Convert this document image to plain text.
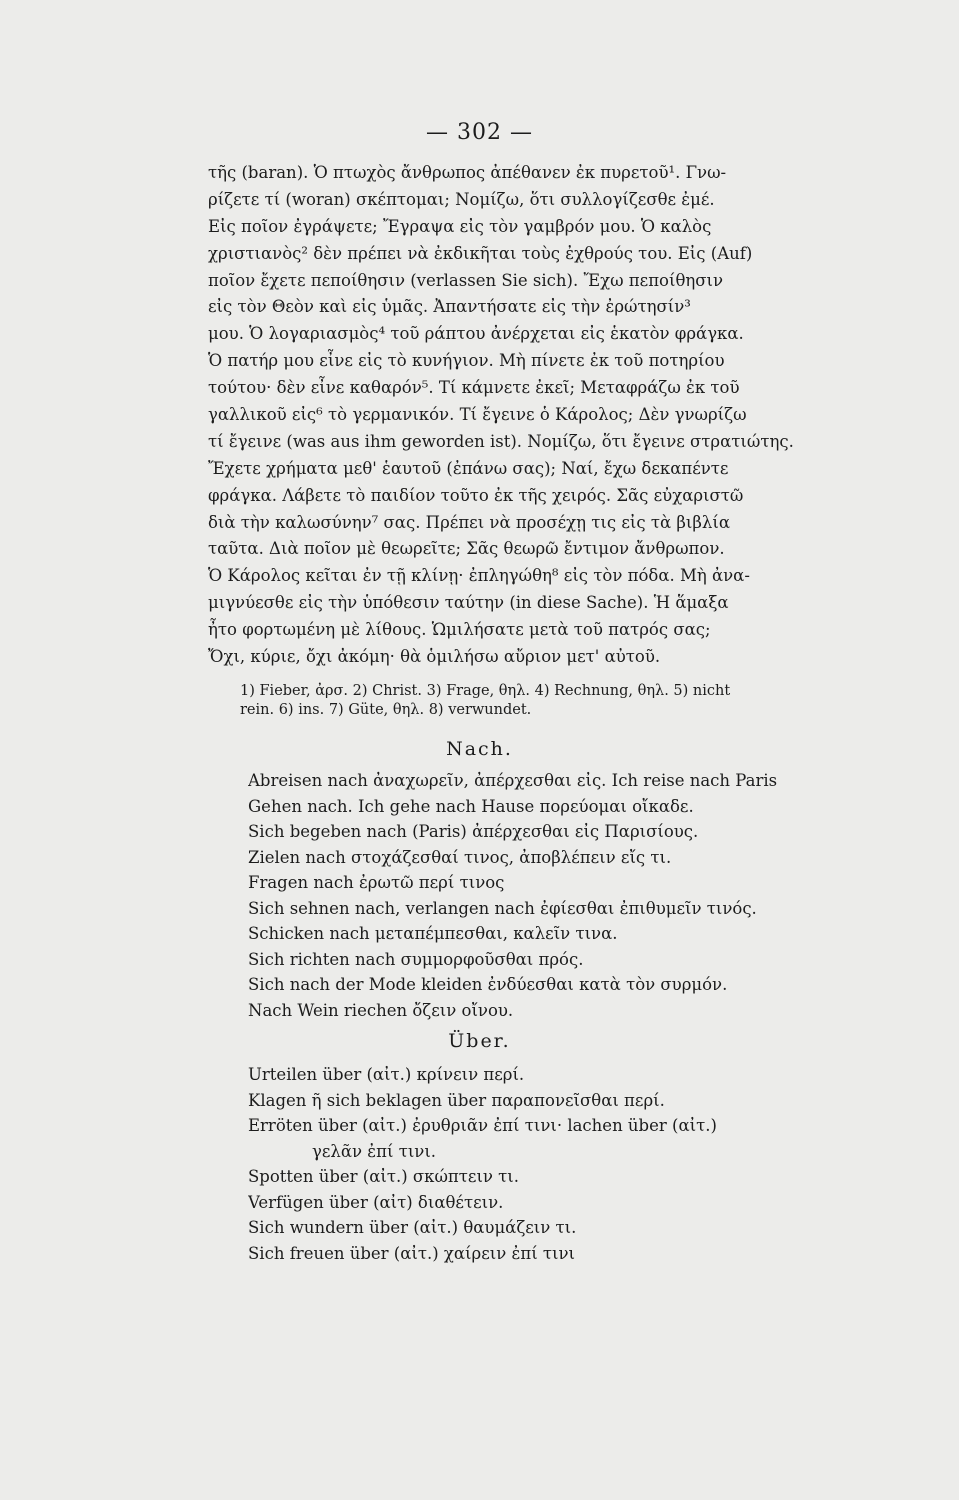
— 302 —
τῆς (baran). Ὁ πτωχὸς ἄνθρωπος ἀπέθανεν ἐκ πυρετοῦ¹. Γνω-
ρίζετε τί (woran) σκέπτομαι; Νομίζω, ὅτι συλλογίζεσθε ἐμέ.
Εἰς ποῖον ἐγράψετε; Ἔγραψα εἰς τὸν γαμβρόν μου. Ὁ καλὸς
χριστιανὸς² δὲν πρέπει νὰ ἐκδικῆται τοὺς ἐχθρούς του. Εἰς (Auf)
ποῖον ἔχετε πεποίθησιν (verlassen Sie sich). Ἔχω πεποίθησιν
εἰς τὸν Θεὸν καὶ εἰς ὑμᾶς. Ἀπαντήσατε εἰς τὴν ἐρώτησίν³
μου. Ὁ λογαριασμὸς⁴ τοῦ ράπτου ἀνέρχεται εἰς ἑκατὸν φράγκα.
Ὁ πατήρ μου εἶνε εἰς τὸ κυνήγιον. Μὴ πίνετε ἐκ τοῦ ποτηρίου
τούτου· δὲν εἶνε καθαρόν⁵. Τί κάμνετε ἐκεῖ; Μεταφράζω ἐκ τοῦ
γαλλικοῦ εἰς⁶ τὸ γερμανικόν. Τί ἔγεινε ὁ Κάρολος; Δὲν γνωρίζω
τί ἔγεινε (was aus ihm geworden ist). Νομίζω, ὅτι ἔγεινε στρατιώτης.
Ἔχετε χρήματα μεθ' ἑαυτοῦ (ἐπάνω σας); Ναί, ἔχω δεκαπέντε
φράγκα. Λάβετε τὸ παιδίον τοῦτο ἐκ τῆς χειρός. Σᾶς εὐχαριστῶ
διὰ τὴν καλωσύνην⁷ σας. Πρέπει νὰ προσέχῃ τις εἰς τὰ βιβλία
ταῦτα. Διὰ ποῖον μὲ θεωρεῖτε; Σᾶς θεωρῶ ἔντιμον ἄνθρωπον.
Ὁ Κάρολος κεῖται ἐν τῇ κλίνῃ· ἐπληγώθη⁸ εἰς τὸν πόδα. Μὴ ἀνα-
μιγνύεσθε εἰς τὴν ὑπόθεσιν ταύτην (in diese Sache). Ἡ ἅμαξα
ἦτο φορτωμένη μὲ λίθους. Ὡμιλήσατε μετὰ τοῦ πατρός σας;
Ὄχι, κύριε, ὄχι ἀκόμη· θὰ ὁμιλήσω αὔριον μετ' αὐτοῦ.
1) Fieber, ἀρσ. 2) Christ. 3) Frage, θηλ. 4) Rechnung, θηλ. 5) nicht
rein. 6) ins. 7) Güte, θηλ. 8) verwundet.
Nach.
Abreisen nach ἀναχωρεῖν, ἀπέρχεσθαι εἰς. Ich reise nach Paris
Gehen nach. Ich gehe nach Hause πορεύομαι οἴκαδε.
Sich begeben nach (Paris) ἀπέρχεσθαι εἰς Παρισίους.
Zielen nach στοχάζεσθαί τινος, ἀποβλέπειν εἴς τι.
Fragen nach ἐρωτῶ περί τινος
Sich sehnen nach, verlangen nach ἐφίεσθαι ἐπιθυμεῖν τινός.
Schicken nach μεταπέμπεσθαι, καλεῖν τινα.
Sich richten nach συμμορφοῦσθαι πρός.
Sich nach der Mode kleiden ἐνδύεσθαι κατὰ τὸν συρμόν.
Nach Wein riechen ὄζειν οἴνου.
Über.
Urteilen über (αἰτ.) κρίνειν περί.
Klagen ῆ sich beklagen über παραπονεῖσθαι περί.
Erröten über (αἰτ.) ἐρυθριᾶν ἐπί τινι· lachen über (αἰτ.)
γελᾶν ἐπί τινι.
Spotten über (αἰτ.) σκώπτειν τι.
Verfügen über (αἰτ) διαθέτειν.
Sich wundern über (αἰτ.) θαυμάζειν τι.
Sich freuen über (αἰτ.) χαίρειν ἐπί τινι
